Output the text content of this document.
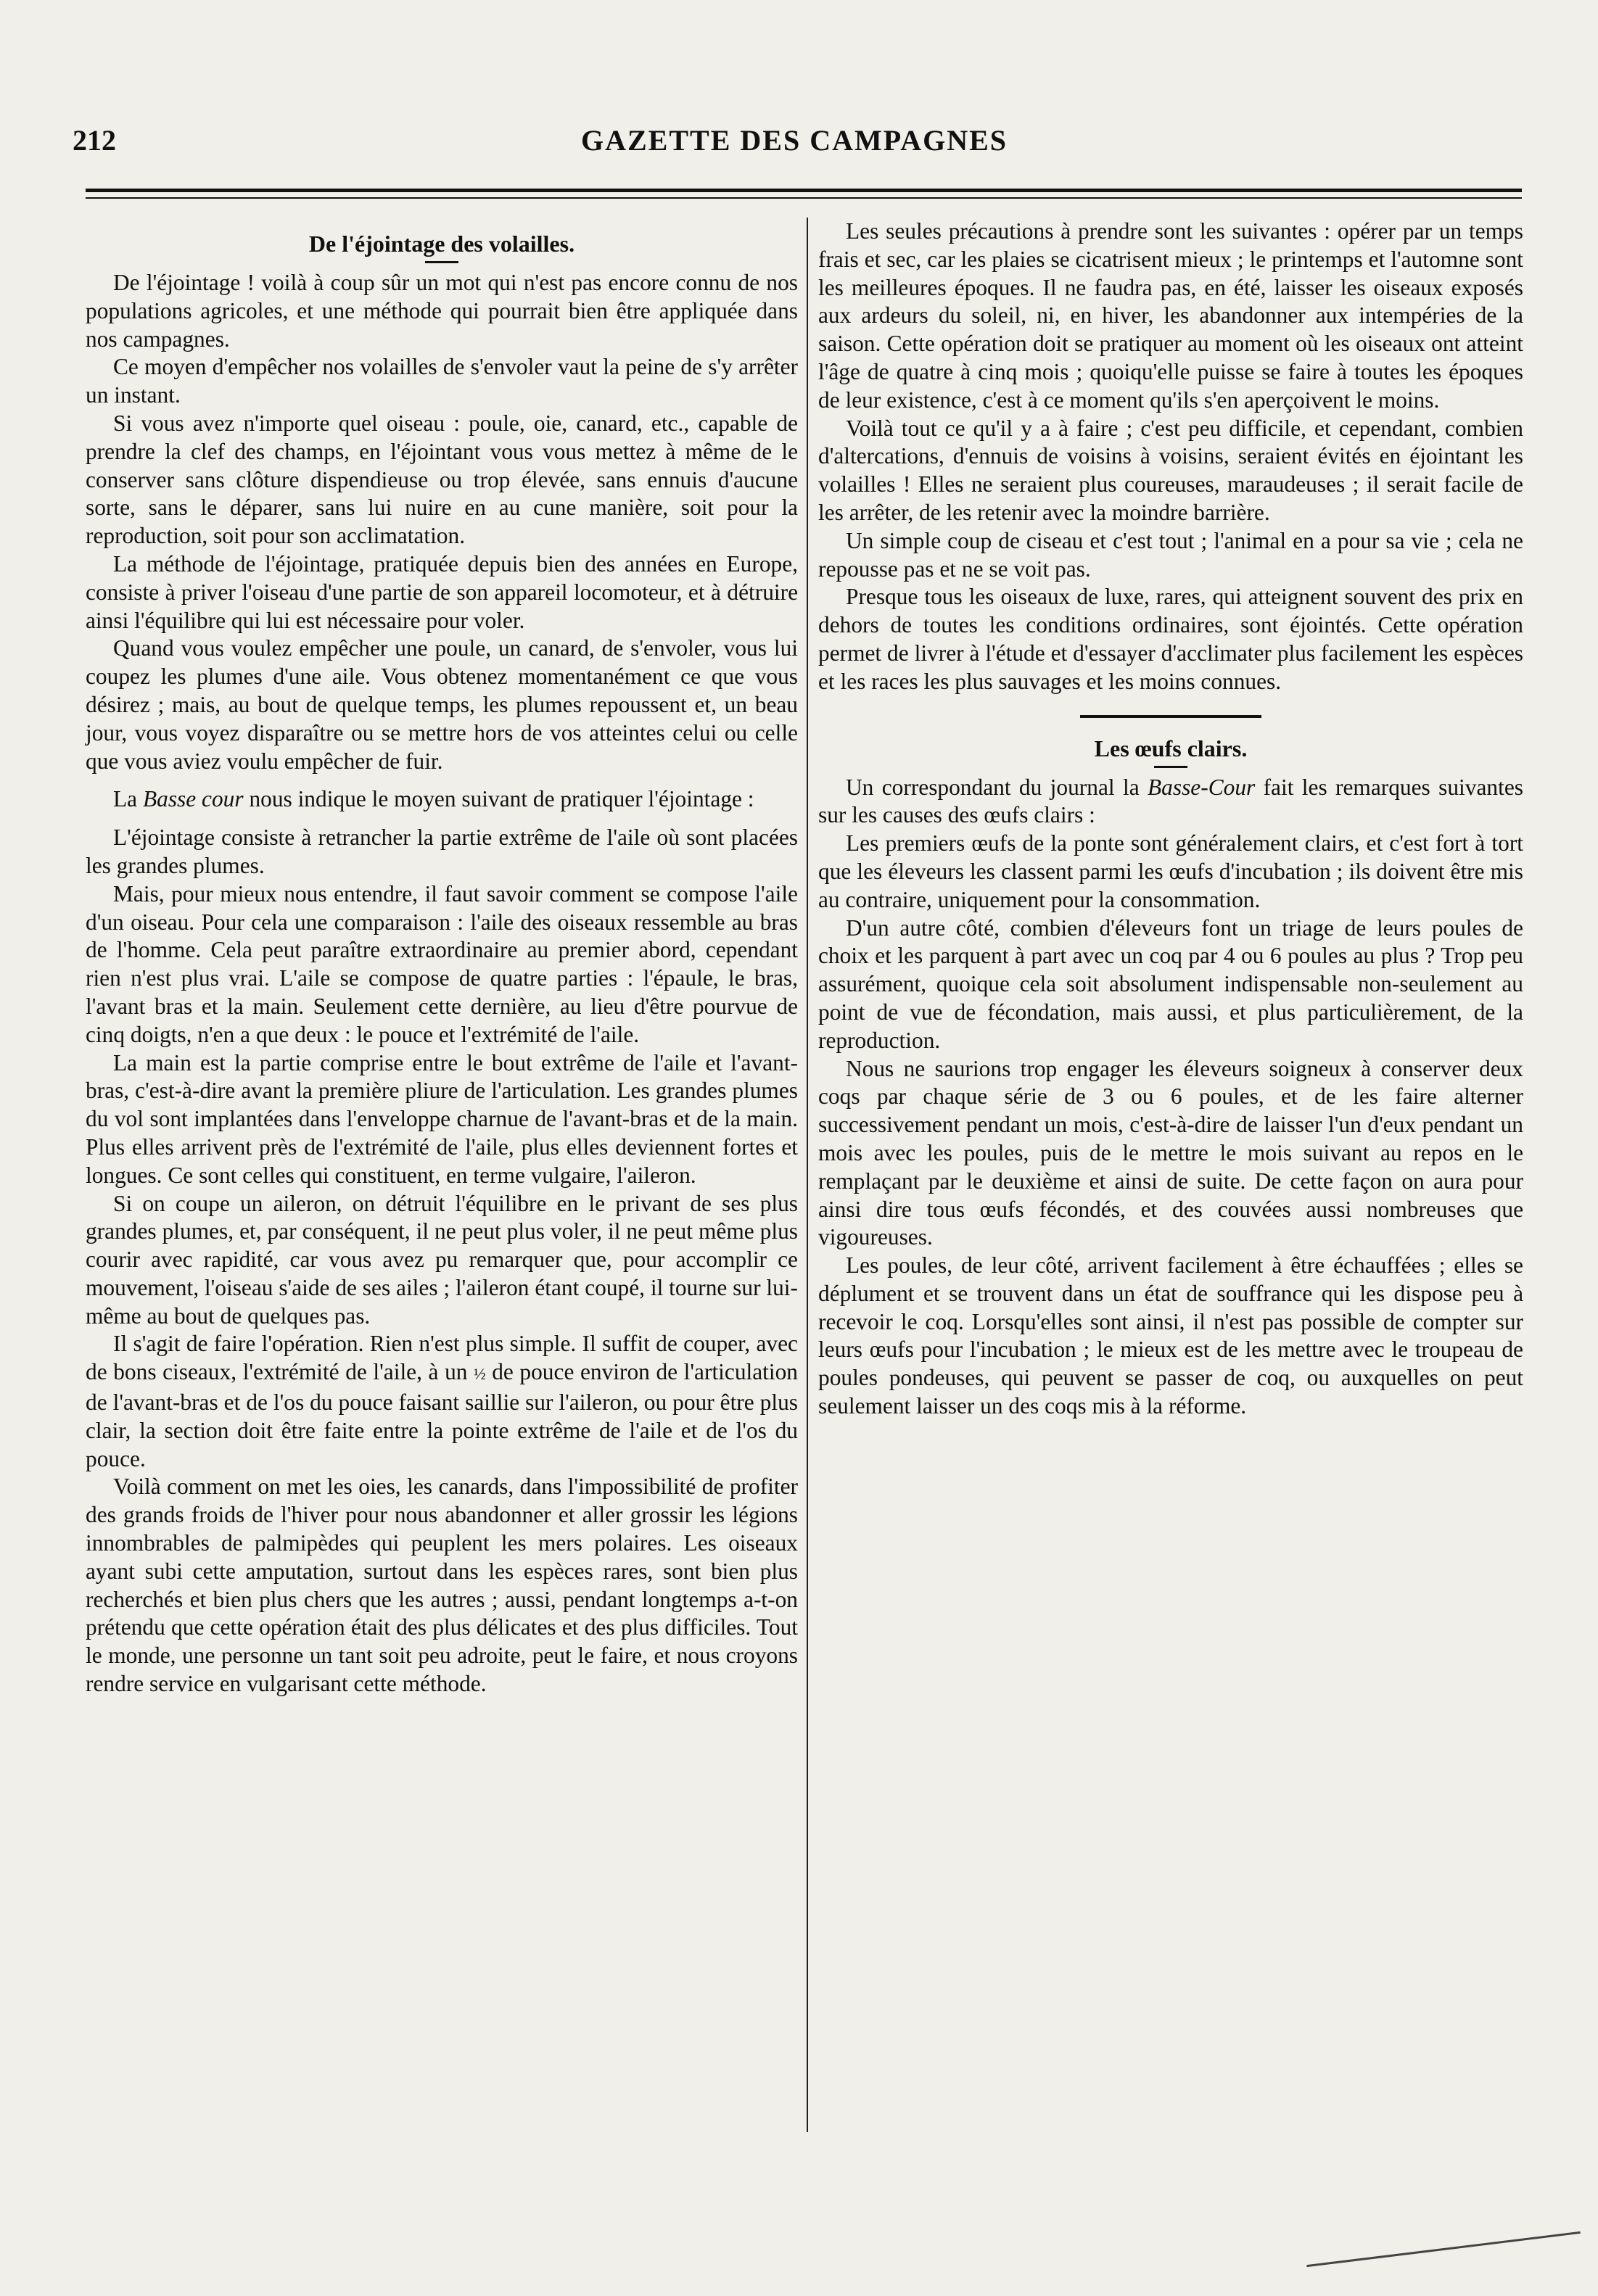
212	GAZETTE DES CAMPAGNES
De l'éjointage des volailles.

De l'éjointage ! voilà à coup sûr un mot qui n'est pas encore connu de nos populations agricoles, et une méthode qui pourrait bien être appliquée dans nos campagnes.

Ce moyen d'empêcher nos volailles de s'envoler vaut la peine de s'y arrêter un instant.

Si vous avez n'importe quel oiseau : poule, oie, canard, etc., capable de prendre la clef des champs, en l'éjointant vous vous mettez à même de le conserver sans clôture dispendieuse ou trop élevée, sans ennuis d'aucune sorte, sans le déparer, sans lui nuire en au cune manière, soit pour la reproduction, soit pour son acclimatation.

La méthode de l'éjointage, pratiquée depuis bien des années en Europe, consiste à priver l'oiseau d'une partie de son appareil locomoteur, et à détruire ainsi l'équilibre qui lui est nécessaire pour voler.

Quand vous voulez empêcher une poule, un canard, de s'envoler, vous lui coupez les plumes d'une aile. Vous obtenez momentanément ce que vous désirez ; mais, au bout de quelque temps, les plumes repoussent et, un beau jour, vous voyez disparaître ou se mettre hors de vos atteintes celui ou celle que vous aviez voulu empêcher de fuir.

La Basse cour nous indique le moyen suivant de pratiquer l'éjointage :

L'éjointage consiste à retrancher la partie extrême de l'aile où sont placées les grandes plumes.

Mais, pour mieux nous entendre, il faut savoir comment se compose l'aile d'un oiseau. Pour cela une comparaison : l'aile des oiseaux ressemble au bras de l'homme. Cela peut paraître extraordinaire au premier abord, cependant rien n'est plus vrai. L'aile se compose de quatre parties : l'épaule, le bras, l'avant bras et la main. Seulement cette dernière, au lieu d'être pourvue de cinq doigts, n'en a que deux : le pouce et l'extrémité de l'aile.

La main est la partie comprise entre le bout extrême de l'aile et l'avant-bras, c'est-à-dire avant la première pliure de l'articulation. Les grandes plumes du vol sont implantées dans l'enveloppe charnue de l'avant-bras et de la main. Plus elles arrivent près de l'extrémité de l'aile, plus elles deviennent fortes et longues. Ce sont celles qui constituent, en terme vulgaire, l'aileron.

Si on coupe un aileron, on détruit l'équilibre en le privant de ses plus grandes plumes, et, par conséquent, il ne peut plus voler, il ne peut même plus courir avec rapidité, car vous avez pu remarquer que, pour accomplir ce mouvement, l'oiseau s'aide de ses ailes ; l'aileron étant coupé, il tourne sur lui-même au bout de quelques pas.

Il s'agit de faire l'opération. Rien n'est plus simple. Il suffit de couper, avec de bons ciseaux, l'extrémité de l'aile, à un ½ de pouce environ de l'articulation de l'avant-bras et de l'os du pouce faisant saillie sur l'aileron, ou pour être plus clair, la section doit être faite entre la pointe extrême de l'aile et de l'os du pouce.

Voilà comment on met les oies, les canards, dans l'impossibilité de profiter des grands froids de l'hiver pour nous abandonner et aller grossir les légions innombrables de palmipèdes qui peuplent les mers polaires. Les oiseaux ayant subi cette amputation, surtout dans les espèces rares, sont bien plus recherchés et bien plus chers que les autres ; aussi, pendant longtemps a-t-on prétendu que cette opération était des plus délicates et des plus difficiles. Tout le monde, une personne un tant soit peu adroite, peut le faire, et nous croyons rendre service en vulgarisant cette méthode.

Les seules précautions à prendre sont les suivantes : opérer par un temps frais et sec, car les plaies se cicatrisent mieux ; le printemps et l'automne sont les meilleures époques. Il ne faudra pas, en été, laisser les oiseaux exposés aux ardeurs du soleil, ni, en hiver, les abandonner aux intempéries de la saison. Cette opération doit se pratiquer au moment où les oiseaux ont atteint l'âge de quatre à cinq mois ; quoiqu'elle puisse se faire à toutes les époques de leur existence, c'est à ce moment qu'ils s'en aperçoivent le moins.

Voilà tout ce qu'il y a à faire ; c'est peu difficile, et cependant, combien d'altercations, d'ennuis de voisins à voisins, seraient évités en éjointant les volailles ! Elles ne seraient plus coureuses, maraudeuses ; il serait facile de les arrêter, de les retenir avec la moindre barrière.

Un simple coup de ciseau et c'est tout ; l'animal en a pour sa vie ; cela ne repousse pas et ne se voit pas.

Presque tous les oiseaux de luxe, rares, qui atteignent souvent des prix en dehors de toutes les conditions ordinaires, sont éjointés. Cette opération permet de livrer à l'étude et d'essayer d'acclimater plus facilement les espèces et les races les plus sauvages et les moins connues.

Les œufs clairs.

Un correspondant du journal la Basse-Cour fait les remarques suivantes sur les causes des œufs clairs :

Les premiers œufs de la ponte sont généralement clairs, et c'est fort à tort que les éleveurs les classent parmi les œufs d'incubation ; ils doivent être mis au contraire, uniquement pour la consommation.

D'un autre côté, combien d'éleveurs font un triage de leurs poules de choix et les parquent à part avec un coq par 4 ou 6 poules au plus ? Trop peu assurément, quoique cela soit absolument indispensable non-seulement au point de vue de fécondation, mais aussi, et plus particulièrement, de la reproduction.

Nous ne saurions trop engager les éleveurs soigneux à conserver deux coqs par chaque série de 3 ou 6 poules, et de les faire alterner successivement pendant un mois, c'est-à-dire de laisser l'un d'eux pendant un mois avec les poules, puis de le mettre le mois suivant au repos en le remplaçant par le deuxième et ainsi de suite. De cette façon on aura pour ainsi dire tous œufs fécondés, et des couvées aussi nombreuses que vigoureuses.

Les poules, de leur côté, arrivent facilement à être échauffées ; elles se déplument et se trouvent dans un état de souffrance qui les dispose peu à recevoir le coq. Lorsqu'elles sont ainsi, il n'est pas possible de compter sur leurs œufs pour l'incubation ; le mieux est de les mettre avec le troupeau de poules pondeuses, qui peuvent se passer de coq, ou auxquelles on peut seulement laisser un des coqs mis à la réforme.
